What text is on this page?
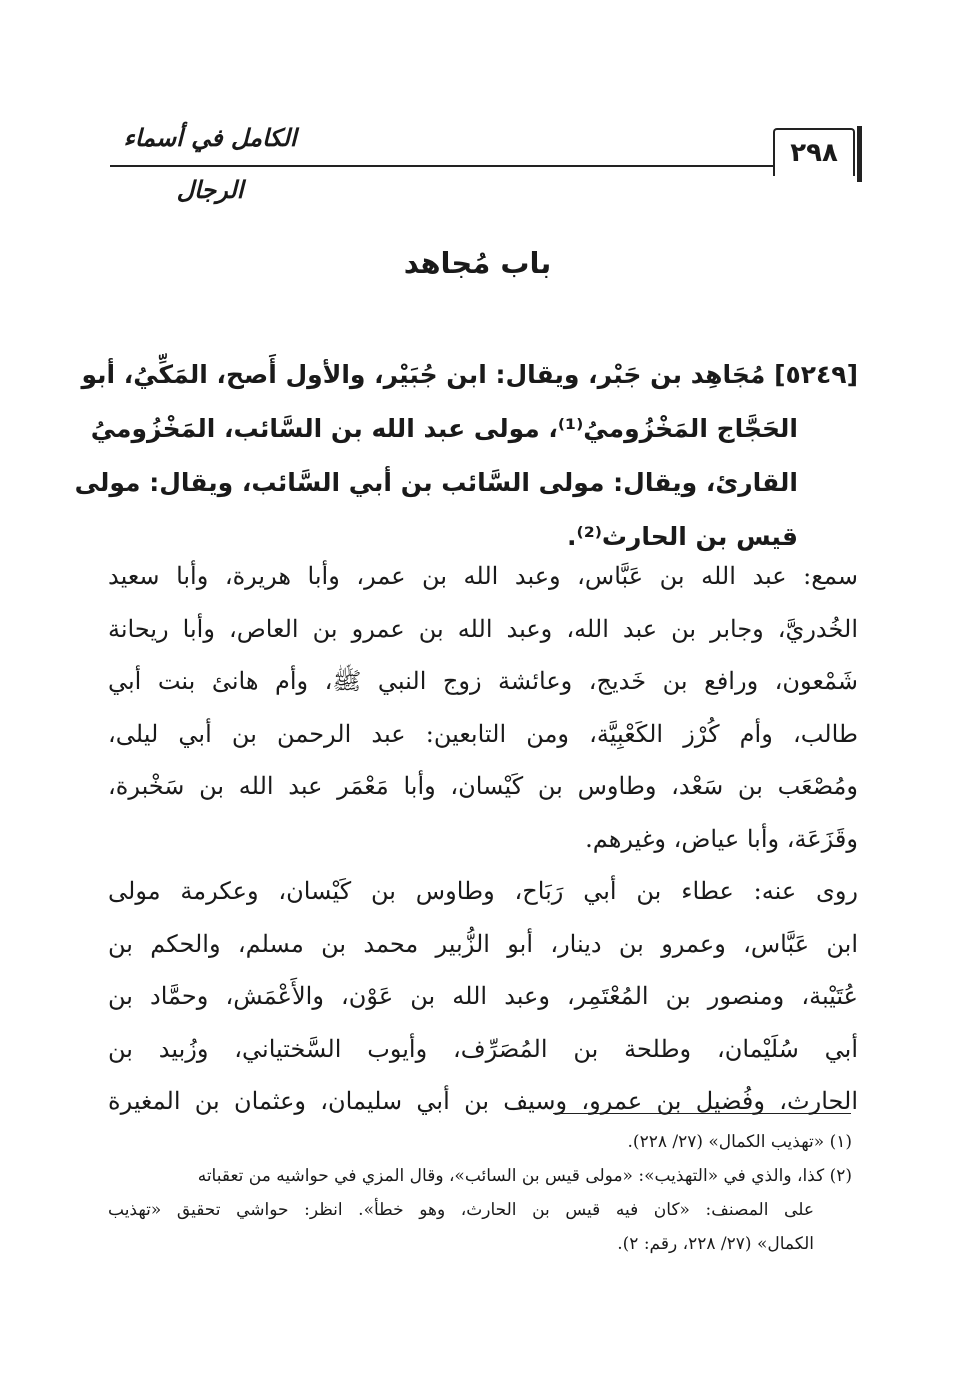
٢٩٨
الكامل في أسماء الرجال
باب مُجاهد
[٥٢٤٩] مُجَاهِد بن جَبْر، ويقال: ابن جُبَيْر، والأول أَصح، المَكِّيُ، أبو
الحَجَّاج المَخْزُوميُ⁽¹⁾، مولى عبد الله بن السَّائب، المَخْزُوميُ
القارئ، ويقال: مولى السَّائب بن أبي السَّائب، ويقال: مولى
قيس بن الحارث⁽²⁾.
سمع: عبد الله بن عَبَّاس، وعبد الله بن عمر، وأبا هريرة، وأبا سعيد
الخُدريَّ، وجابر بن عبد الله، وعبد الله بن عمرو بن العاص، وأبا ريحانة
شَمْعون، ورافع بن خَديج، وعائشة زوج النبي ﷺ، وأم هانئ بنت أبي
طالب، وأم كُرْز الكَعْبِيَّة، ومن التابعين: عبد الرحمن بن أبي ليلى،
ومُصْعَب بن سَعْد، وطاوس بن كَيْسان، وأبا مَعْمَر عبد الله بن سَخْبرة،
وقَزَعَة، وأبا عياض، وغيرهم.
روى عنه: عطاء بن أبي رَبَاح، وطاوس بن كَيْسان، وعكرمة مولى
ابن عَبَّاس، وعمرو بن دينار، أبو الزُّبير محمد بن مسلم، والحكم بن
عُتَيْبة، ومنصور بن المُعْتَمِر، وعبد الله بن عَوْن، والأَعْمَش، وحمَّاد بن
أبي سُلَيْمان، وطلحة بن المُصَرِّف، وأيوب السَّختياني، وزُبيد بن
الحارث، وفُضيل بن عمرو، وسيف بن أبي سليمان، وعثمان بن المغيرة
(١) «تهذيب الكمال» (٢٧/ ٢٢٨).
(٢) كذا، والذي في «التهذيب»: «مولى قيس بن السائب»، وقال المزي في حواشيه من تعقباته
على المصنف: «كان فيه قيس بن الحارث، وهو خطأ». انظر: حواشي تحقيق «تهذيب
الكمال» (٢٧/ ٢٢٨، رقم: ٢).
